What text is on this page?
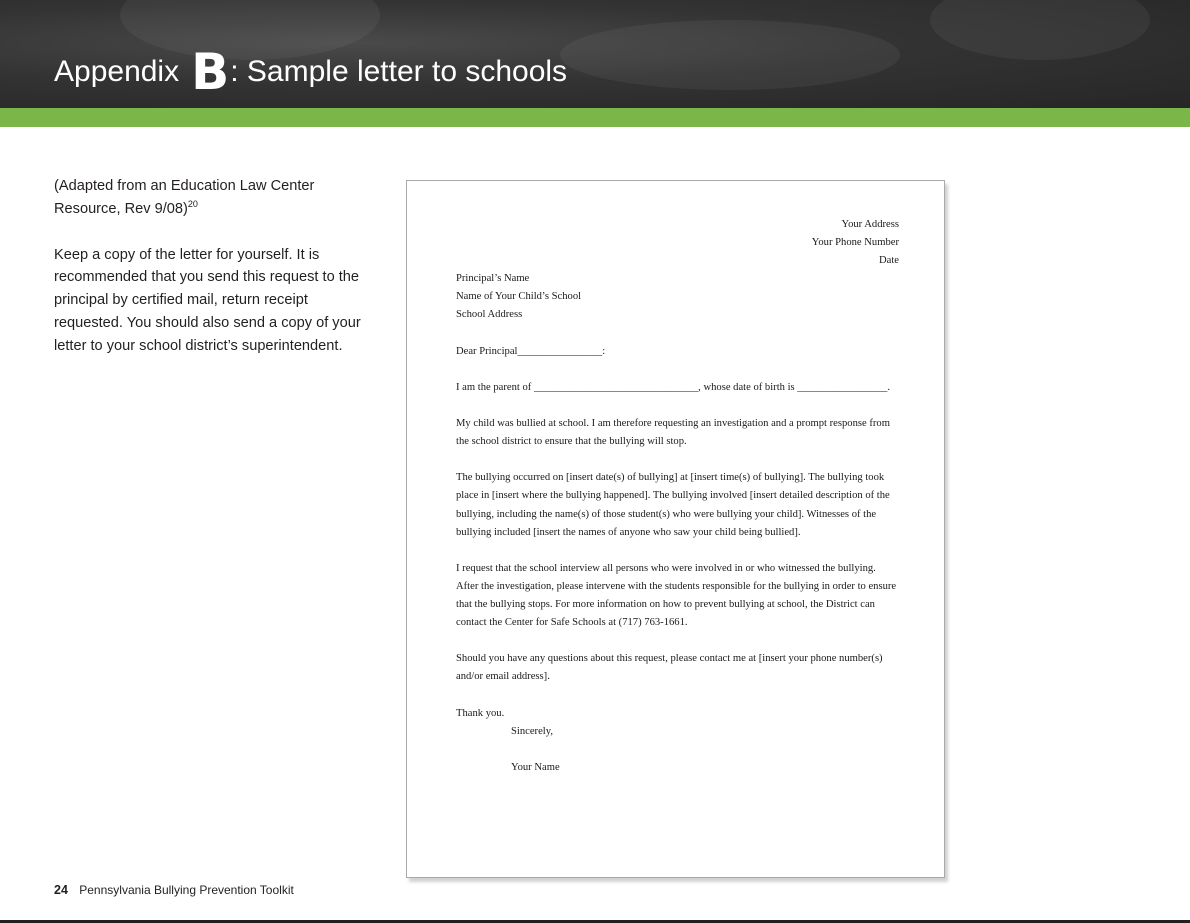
Appendix B : Sample letter to schools

(Adapted from an Education Law Center Resource, Rev 9/08)$^{20}$

Keep a copy of the letter for yourself. It is recommended that you send this request to the principal by certified mail, return receipt requested. You should also send a copy of your letter to your school district’s superintendent.

Your Address
Your Phone Number
Date
Principal’s Name
Name of Your Child’s School
School Address
Dear Principal________________:
I am the parent of _______________________________, whose date of birth is _________________.
My child was bullied at school. I am therefore requesting an investigation and a prompt response from the school district to ensure that the bullying will stop.
The bullying occurred on [insert date(s) of bullying] at [insert time(s) of bullying]. The bullying took place in [insert where the bullying happened]. The bullying involved [insert detailed description of the bullying, including the name(s) of those student(s) who were bullying your child]. Witnesses of the bullying included [insert the names of anyone who saw your child being bullied].
I request that the school interview all persons who were involved in or who witnessed the bullying. After the investigation, please intervene with the students responsible for the bullying in order to ensure that the bullying stops. For more information on how to prevent bullying at school, the District can contact the Center for Safe Schools at (717) 763-1661.
Should you have any questions about this request, please contact me at [insert your phone number(s) and/or email address].
Thank you.
Sincerely,
Your Name
24 Pennsylvania Bullying Prevention Toolkit
